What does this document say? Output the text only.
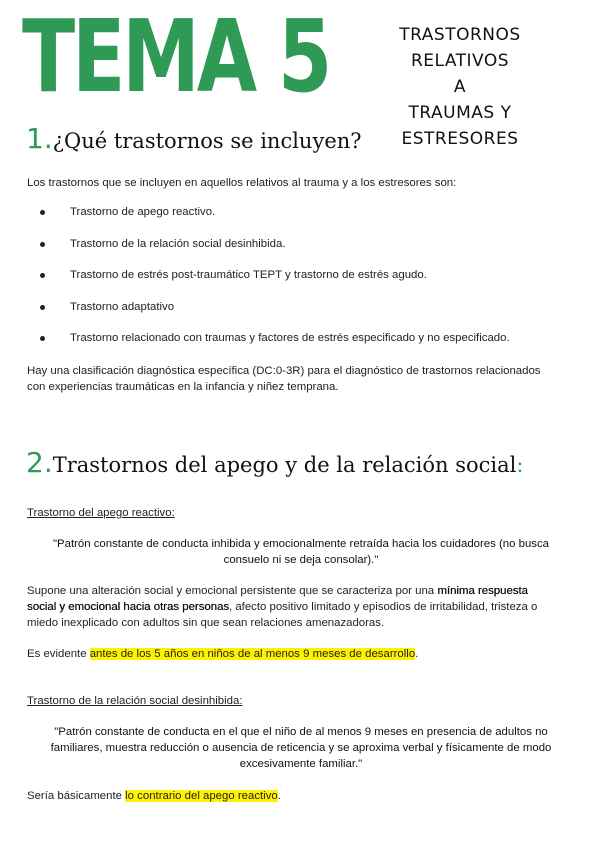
TEMA 5	TRASTORNOS RELATIVOS
A
TRAUMAS Y ESTRESORES
1.¿Qué trastornos se incluyen?
Los trastornos que se incluyen en aquellos relativos al trauma y a los estresores son:
Trastorno de apego reactivo.
Trastorno de la relación social desinhibida.
Trastorno de estrés post-traumático TEPT y trastorno de estrés agudo.
Trastorno adaptativo
Trastorno relacionado con traumas y factores de estrés especificado y no especificado.
Hay una clasificación diagnóstica específica (DC:0-3R) para el diagnóstico de trastornos relacionados con experiencias traumáticas en la infancia y niñez temprana.
2.Trastornos del apego y de la relación social:
Trastorno del apego reactivo:
"Patrón constante de conducta inhibida y emocionalmente retraída hacia los cuidadores (no busca consuelo ni se deja consolar)."
Supone una alteración social y emocional persistente que se caracteriza por una mínima respuesta social y emocional hacia otras personas, afecto positivo limitado y episodios de irritabilidad, tristeza o miedo inexplicado con adultos sin que sean relaciones amenazadoras.
Es evidente antes de los 5 años en niños de al menos 9 meses de desarrollo.
Trastorno de la relación social desinhibida:
"Patrón constante de conducta en el que el niño de al menos 9 meses en presencia de adultos no familiares, muestra reducción o ausencia de reticencia y se aproxima verbal y físicamente de modo excesivamente familiar."
Sería básicamente lo contrario del apego reactivo.
